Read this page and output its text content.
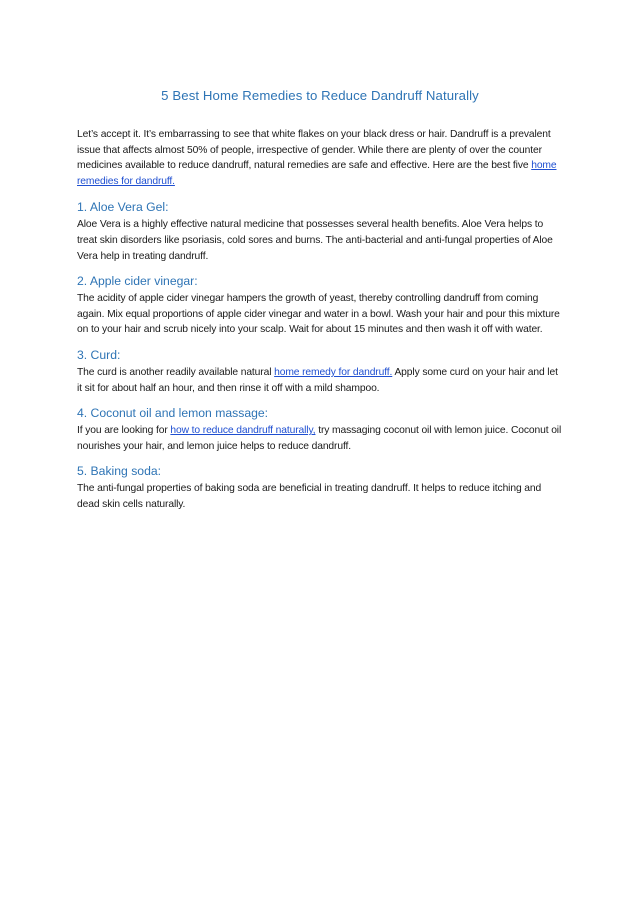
5 Best Home Remedies to Reduce Dandruff Naturally

Let’s accept it. It’s embarrassing to see that white flakes on your black dress or hair. Dandruff is a prevalent issue that affects almost 50% of people, irrespective of gender. While there are plenty of over the counter medicines available to reduce dandruff, natural remedies are safe and effective. Here are the best five home remedies for dandruff.

1. Aloe Vera Gel:

Aloe Vera is a highly effective natural medicine that possesses several health benefits. Aloe Vera helps to treat skin disorders like psoriasis, cold sores and burns. The anti-bacterial and anti-fungal properties of Aloe Vera help in treating dandruff.

2. Apple cider vinegar:

The acidity of apple cider vinegar hampers the growth of yeast, thereby controlling dandruff from coming again. Mix equal proportions of apple cider vinegar and water in a bowl. Wash your hair and pour this mixture on to your hair and scrub nicely into your scalp. Wait for about 15 minutes and then wash it off with water.

3. Curd:

The curd is another readily available natural home remedy for dandruff. Apply some curd on your hair and let it sit for about half an hour, and then rinse it off with a mild shampoo.

4. Coconut oil and lemon massage:

If you are looking for how to reduce dandruff naturally, try massaging coconut oil with lemon juice. Coconut oil nourishes your hair, and lemon juice helps to reduce dandruff.

5. Baking soda:

The anti-fungal properties of baking soda are beneficial in treating dandruff. It helps to reduce itching and dead skin cells naturally.
